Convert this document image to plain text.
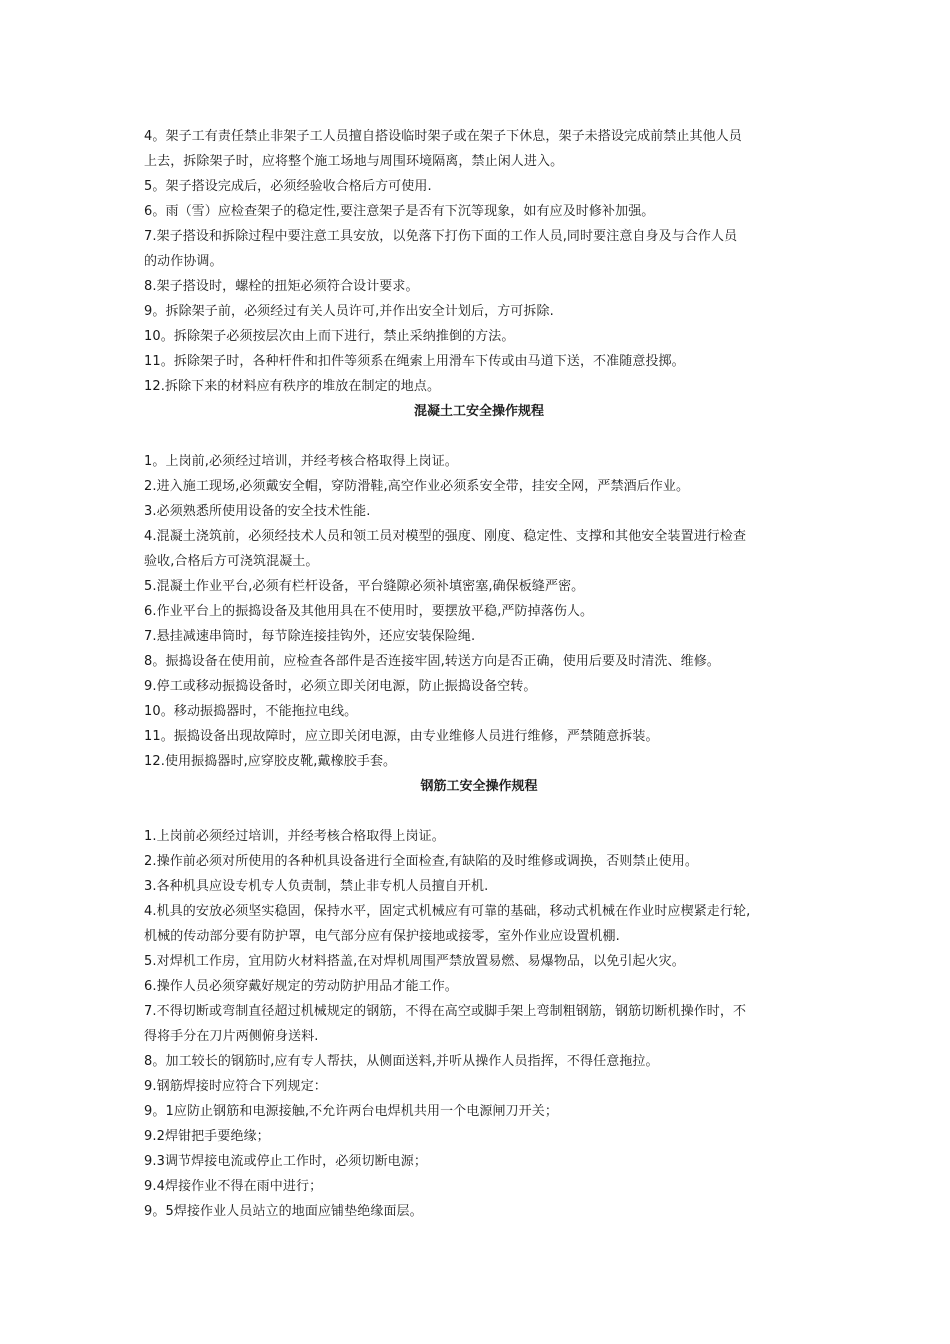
4。架子工有责任禁止非架子工人员擅自搭设临时架子或在架子下休息，架子未搭设完成前禁止其他人员
上去，拆除架子时，应将整个施工场地与周围环境隔离，禁止闲人进入。
5。架子搭设完成后，必须经验收合格后方可使用.
6。雨（雪）应检查架子的稳定性,要注意架子是否有下沉等现象，如有应及时修补加强。
7.架子搭设和拆除过程中要注意工具安放，以免落下打伤下面的工作人员,同时要注意自身及与合作人员
的动作协调。
8.架子搭设时，螺栓的扭矩必须符合设计要求。
9。拆除架子前，必须经过有关人员许可,并作出安全计划后，方可拆除.
10。拆除架子必须按层次由上而下进行，禁止采纳推倒的方法。
11。拆除架子时，各种杆件和扣件等须系在绳索上用滑车下传或由马道下送，不准随意投掷。
12.拆除下来的材料应有秩序的堆放在制定的地点。
混凝土工安全操作规程
1。上岗前,必须经过培训，并经考核合格取得上岗证。
2.进入施工现场,必须戴安全帽，穿防滑鞋,高空作业必须系安全带，挂安全网，严禁酒后作业。
3.必须熟悉所使用设备的安全技术性能.
4.混凝土浇筑前，必须经技术人员和领工员对模型的强度、刚度、稳定性、支撑和其他安全装置进行检查
验收,合格后方可浇筑混凝土。
5.混凝土作业平台,必须有栏杆设备，平台缝隙必须补填密塞,确保板缝严密。
6.作业平台上的振捣设备及其他用具在不使用时，要摆放平稳,严防掉落伤人。
7.悬挂减速串筒时，每节除连接挂钩外，还应安装保险绳.
8。振捣设备在使用前，应检查各部件是否连接牢固,转送方向是否正确，使用后要及时清洗、维修。
9.停工或移动振捣设备时，必须立即关闭电源，防止振捣设备空转。
10。移动振捣器时，不能拖拉电线。
11。振捣设备出现故障时，应立即关闭电源，由专业维修人员进行维修，严禁随意拆装。
12.使用振捣器时,应穿胶皮靴,戴橡胶手套。
钢筋工安全操作规程
1.上岗前必须经过培训，并经考核合格取得上岗证。
2.操作前必须对所使用的各种机具设备进行全面检查,有缺陷的及时维修或调换，否则禁止使用。
3.各种机具应设专机专人负责制，禁止非专机人员擅自开机.
4.机具的安放必须坚实稳固，保持水平，固定式机械应有可靠的基础，移动式机械在作业时应楔紧走行轮,
机械的传动部分要有防护罩，电气部分应有保护接地或接零，室外作业应设置机棚.
5.对焊机工作房，宜用防火材料搭盖,在对焊机周围严禁放置易燃、易爆物品，以免引起火灾。
6.操作人员必须穿戴好规定的劳动防护用品才能工作。
7.不得切断或弯制直径超过机械规定的钢筋，不得在高空或脚手架上弯制粗钢筋，钢筋切断机操作时，不
得将手分在刀片两侧俯身送料.
8。加工较长的钢筋时,应有专人帮扶，从侧面送料,并听从操作人员指挥，不得任意拖拉。
9.钢筋焊接时应符合下列规定：
9。1应防止钢筋和电源接触,不允许两台电焊机共用一个电源闸刀开关；
9.2焊钳把手要绝缘；
9.3调节焊接电流或停止工作时，必须切断电源；
9.4焊接作业不得在雨中进行；
9。5焊接作业人员站立的地面应铺垫绝缘面层。
